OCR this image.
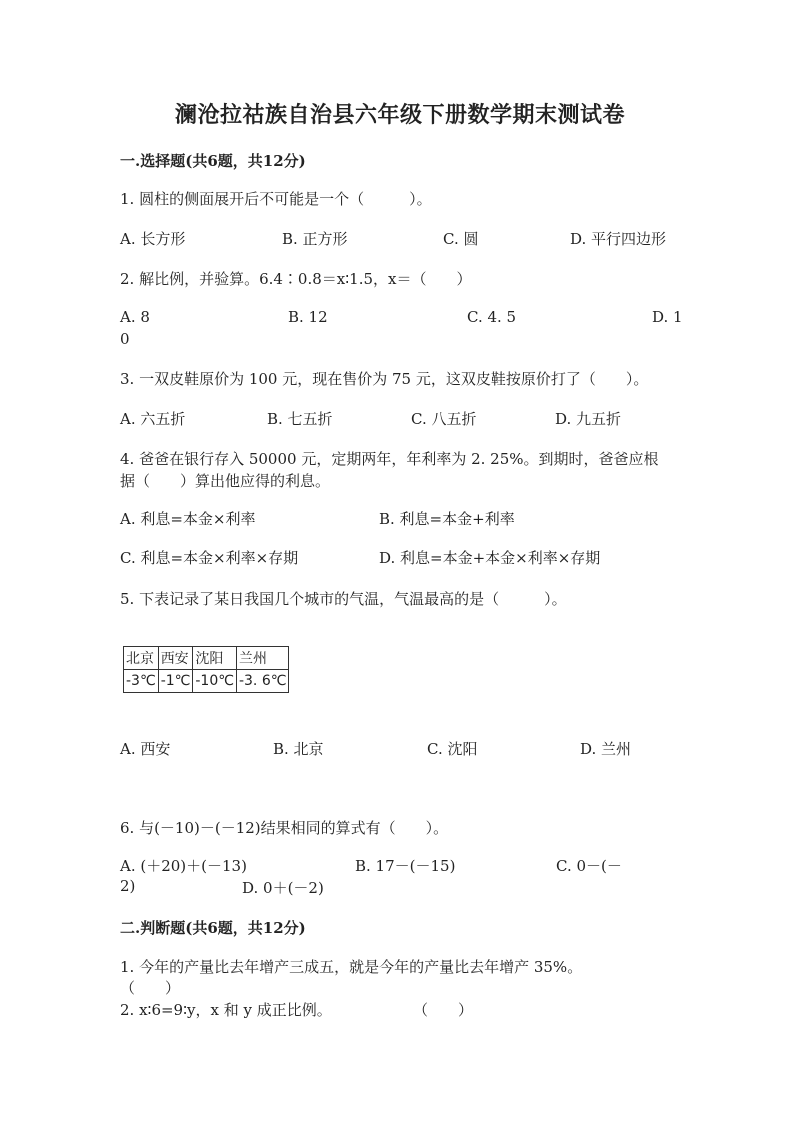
澜沧拉祜族自治县六年级下册数学期末测试卷
一.选择题(共6题，共12分)
1. 圆柱的侧面展开后不可能是一个（　　　）。
A. 长方形	B. 正方形	C. 圆	D. 平行四边形
2. 解比例，并验算。6.4∶0.8＝x∶1.5，x＝（　　）
A. 8	B. 12	C. 4. 5	D. 1
0
3. 一双皮鞋原价为 100 元，现在售价为 75 元，这双皮鞋按原价打了（　　）。
A. 六五折	B. 七五折	C. 八五折	D. 九五折
4. 爸爸在银行存入 50000 元，定期两年，年利率为 2. 25%。到期时，爸爸应根
据（　　）算出他应得的利息。
A. 利息=本金×利率	B. 利息=本金+利率
C. 利息=本金×利率×存期	D. 利息=本金+本金×利率×存期
5. 下表记录了某日我国几个城市的气温，气温最高的是（　　　）。
北京	西安	沈阳	兰州
-3℃	-1℃	-10℃	-3. 6℃
A. 西安	B. 北京	C. 沈阳	D. 兰州
6. 与(－10)－(－12)结果相同的算式有（　　）。
A. (＋20)＋(－13)	B. 17－(－15)	C. 0－(－
2)	D. 0＋(－2)
二.判断题(共6题，共12分)
1. 今年的产量比去年增产三成五，就是今年的产量比去年增产 35%。
（　　）
2. x∶6=9∶y，x 和 y 成正比例。	（　　）
